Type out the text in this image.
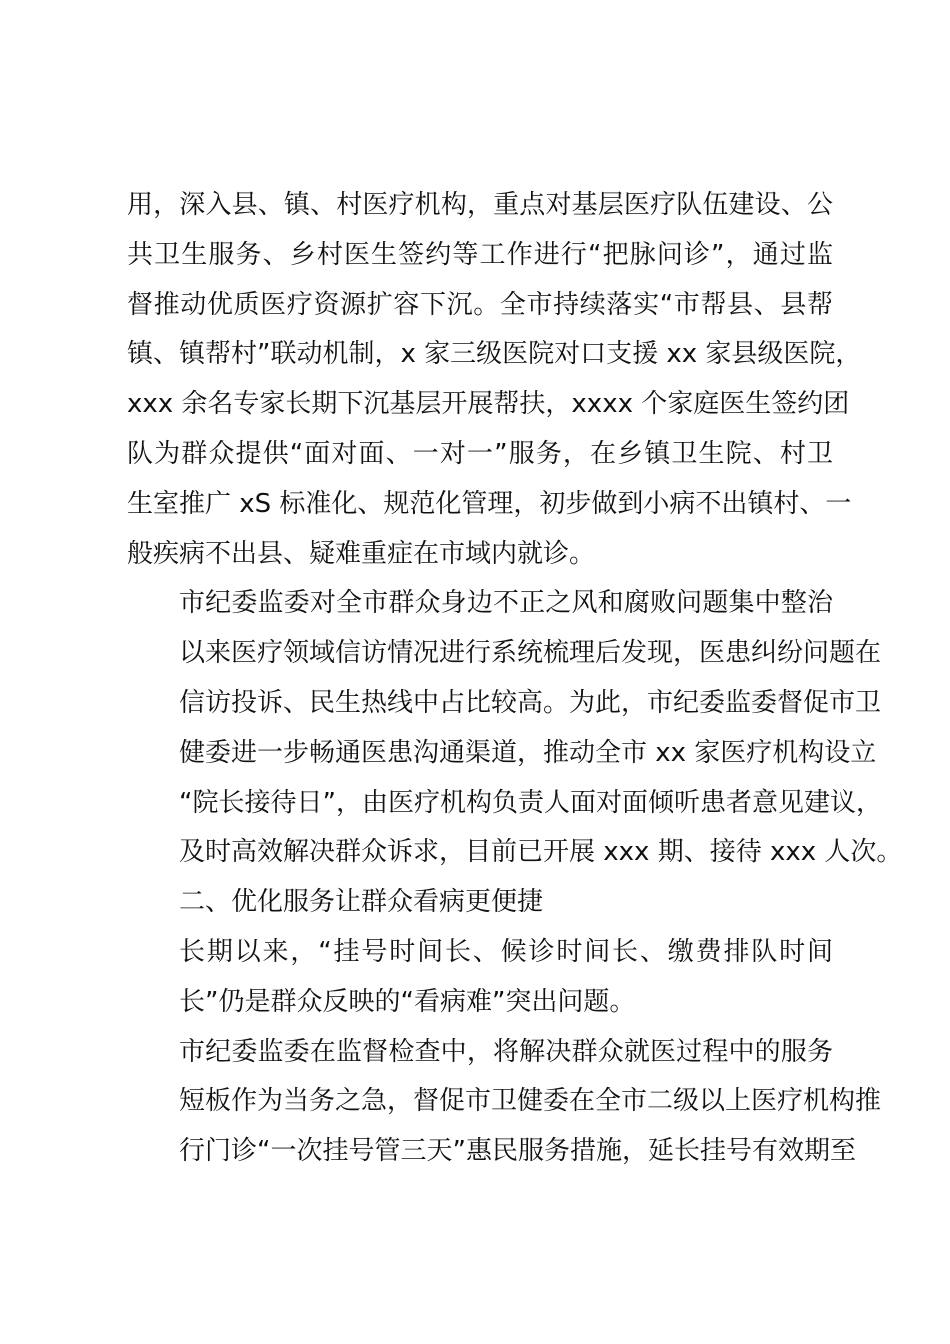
用，深入县、镇、村医疗机构，重点对基层医疗队伍建设、公
共卫生服务、乡村医生签约等工作进行“把脉问诊”，通过监
督推动优质医疗资源扩容下沉。全市持续落实“市帮县、县帮
镇、镇帮村”联动机制，x 家三级医院对口支援 xx 家县级医院，
xxx 余名专家长期下沉基层开展帮扶，xxxx 个家庭医生签约团
队为群众提供“面对面、一对一”服务，在乡镇卫生院、村卫
生室推广 xS 标准化、规范化管理，初步做到小病不出镇村、一
般疾病不出县、疑难重症在市域内就诊。

市纪委监委对全市群众身边不正之风和腐败问题集中整治
以来医疗领域信访情况进行系统梳理后发现，医患纠纷问题在
信访投诉、民生热线中占比较高。为此，市纪委监委督促市卫
健委进一步畅通医患沟通渠道，推动全市 xx 家医疗机构设立
“院长接待日”，由医疗机构负责人面对面倾听患者意见建议，
及时高效解决群众诉求，目前已开展 xxx 期、接待 xxx 人次。

二、优化服务让群众看病更便捷

长期以来，“挂号时间长、候诊时间长、缴费排队时间
长”仍是群众反映的“看病难”突出问题。

市纪委监委在监督检查中，将解决群众就医过程中的服务
短板作为当务之急，督促市卫健委在全市二级以上医疗机构推
行门诊“一次挂号管三天”惠民服务措施，延长挂号有效期至
